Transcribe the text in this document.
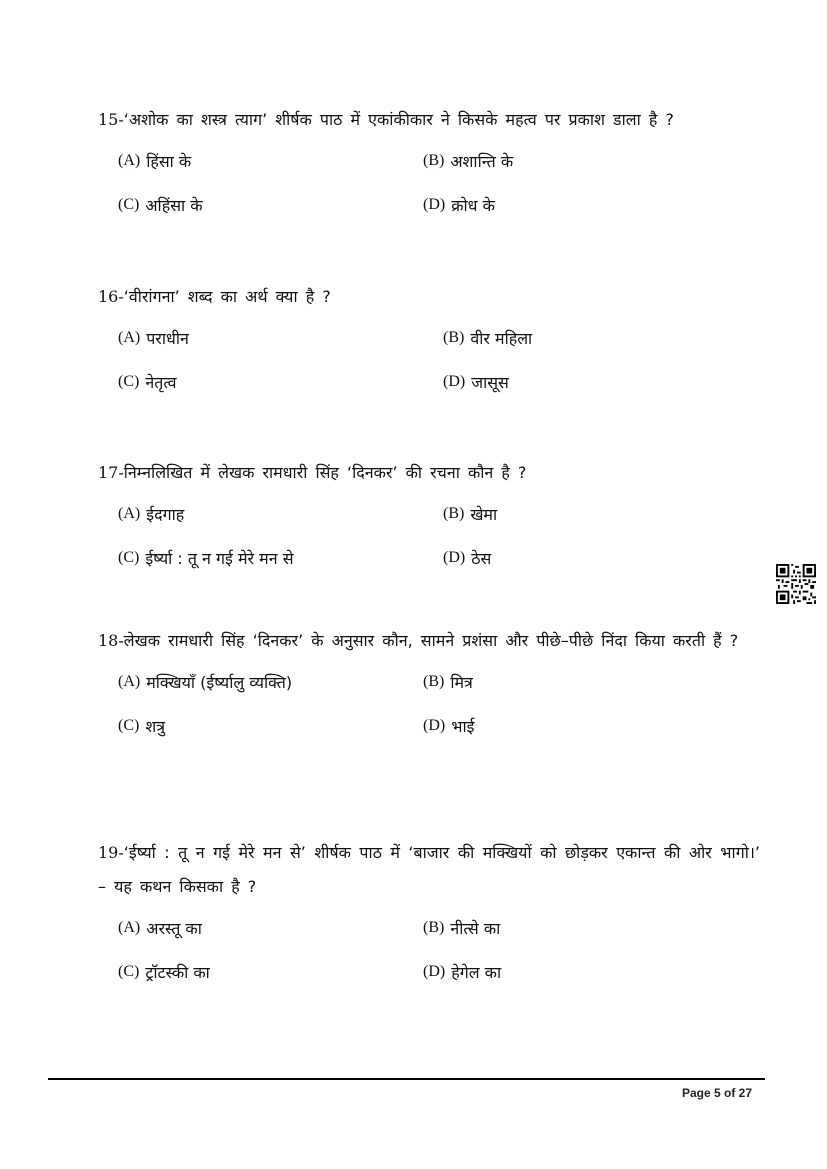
15-‘अशोक का शस्त्र त्याग’ शीर्षक पाठ में एकांकीकार ने किसके महत्व पर प्रकाश डाला है ?
(A) हिंसा के	(B) अशान्ति के
(C) अहिंसा के	(D) क्रोध के
16-‘वीरांगना’ शब्द का अर्थ क्या है ?
(A) पराधीन	(B) वीर महिला
(C) नेतृत्व	(D) जासूस
17-निम्नलिखित में लेखक रामधारी सिंह ‘दिनकर’ की रचना कौन है ?
(A) ईदगाह	(B) खेमा
(C) ईर्ष्या : तू न गई मेरे मन से	(D) ठेस
18-लेखक रामधारी सिंह ‘दिनकर’ के अनुसार कौन, सामने प्रशंसा और पीछे–पीछे निंदा किया करती हैं ?
(A) मक्खियाँ (ईर्ष्यालु व्यक्ति)	(B) मित्र
(C) शत्रु	(D) भाई
19-‘ईर्ष्या : तू न गई मेरे मन से’ शीर्षक पाठ में ‘बाजार की मक्खियों को छोड़कर एकान्त की ओर भागो।’ – यह कथन किसका है ?
(A) अरस्तू का	(B) नीत्से का
(C) ट्रॉटस्की का	(D) हेगेल का
Page 5 of 27
